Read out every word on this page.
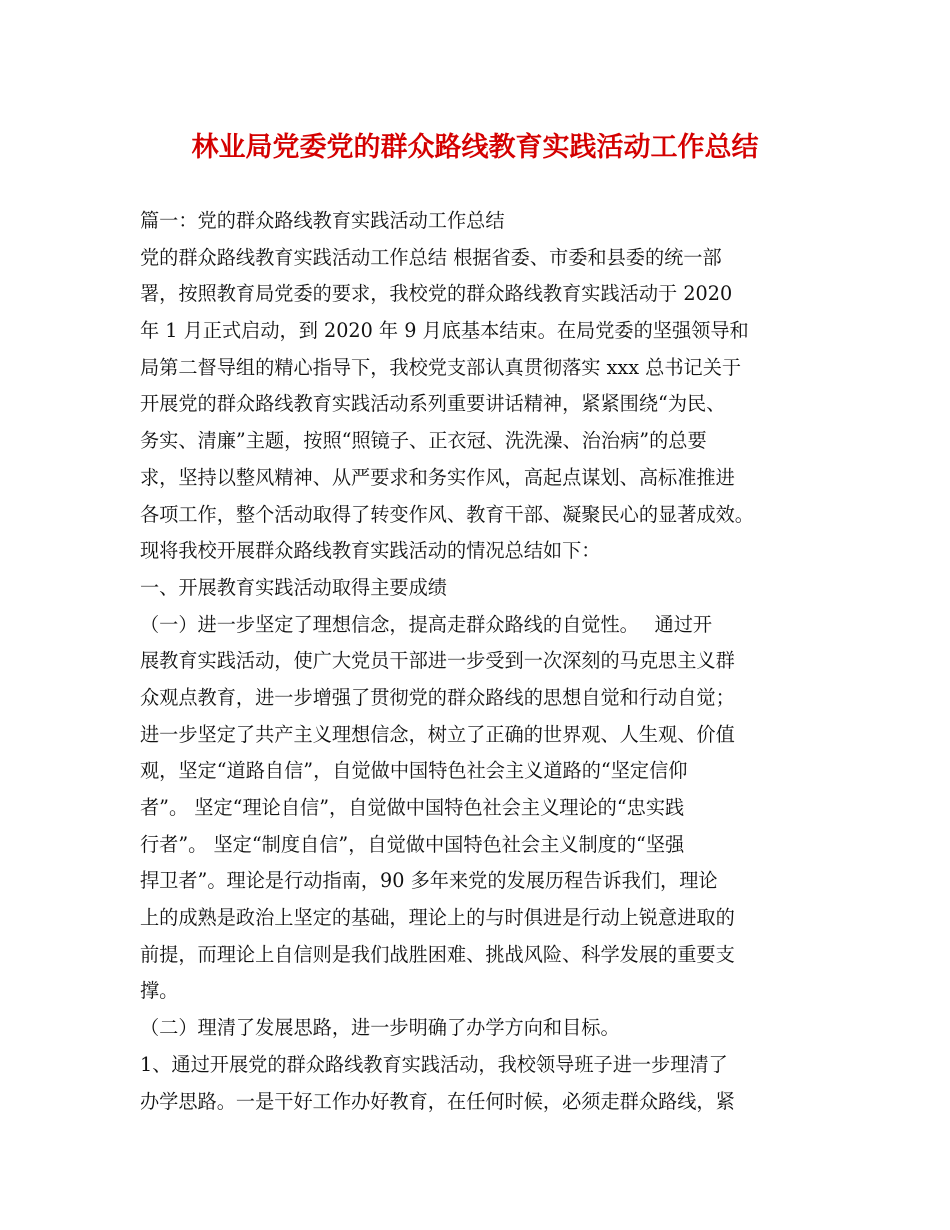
林业局党委党的群众路线教育实践活动工作总结
篇一：党的群众路线教育实践活动工作总结
党的群众路线教育实践活动工作总结 根据省委、市委和县委的统一部
署，按照教育局党委的要求，我校党的群众路线教育实践活动于 2020
年 1 月正式启动，到 2020 年 9 月底基本结束。在局党委的坚强领导和
局第二督导组的精心指导下，我校党支部认真贯彻落实 xxx 总书记关于
开展党的群众路线教育实践活动系列重要讲话精神，紧紧围绕“为民、
务实、清廉”主题，按照“照镜子、正衣冠、洗洗澡、治治病”的总要
求，坚持以整风精神、从严要求和务实作风，高起点谋划、高标准推进
各项工作，整个活动取得了转变作风、教育干部、凝聚民心的显著成效。
现将我校开展群众路线教育实践活动的情况总结如下：
一、开展教育实践活动取得主要成绩
（一）进一步坚定了理想信念，提高走群众路线的自觉性。　 通过开
展教育实践活动，使广大党员干部进一步受到一次深刻的马克思主义群
众观点教育，进一步增强了贯彻党的群众路线的思想自觉和行动自觉；
进一步坚定了共产主义理想信念，树立了正确的世界观、人生观、价值
观，坚定“道路自信”，自觉做中国特色社会主义道路的“坚定信仰
者”。 坚定“理论自信”，自觉做中国特色社会主义理论的“忠实践
行者”。 坚定“制度自信”，自觉做中国特色社会主义制度的“坚强
捍卫者”。理论是行动指南，90 多年来党的发展历程告诉我们，理论
上的成熟是政治上坚定的基础，理论上的与时俱进是行动上锐意进取的
前提，而理论上自信则是我们战胜困难、挑战风险、科学发展的重要支
撑。
（二）理清了发展思路，进一步明确了办学方向和目标。
1、通过开展党的群众路线教育实践活动，我校领导班子进一步理清了
办学思路。一是干好工作办好教育，在任何时候，必须走群众路线，紧
